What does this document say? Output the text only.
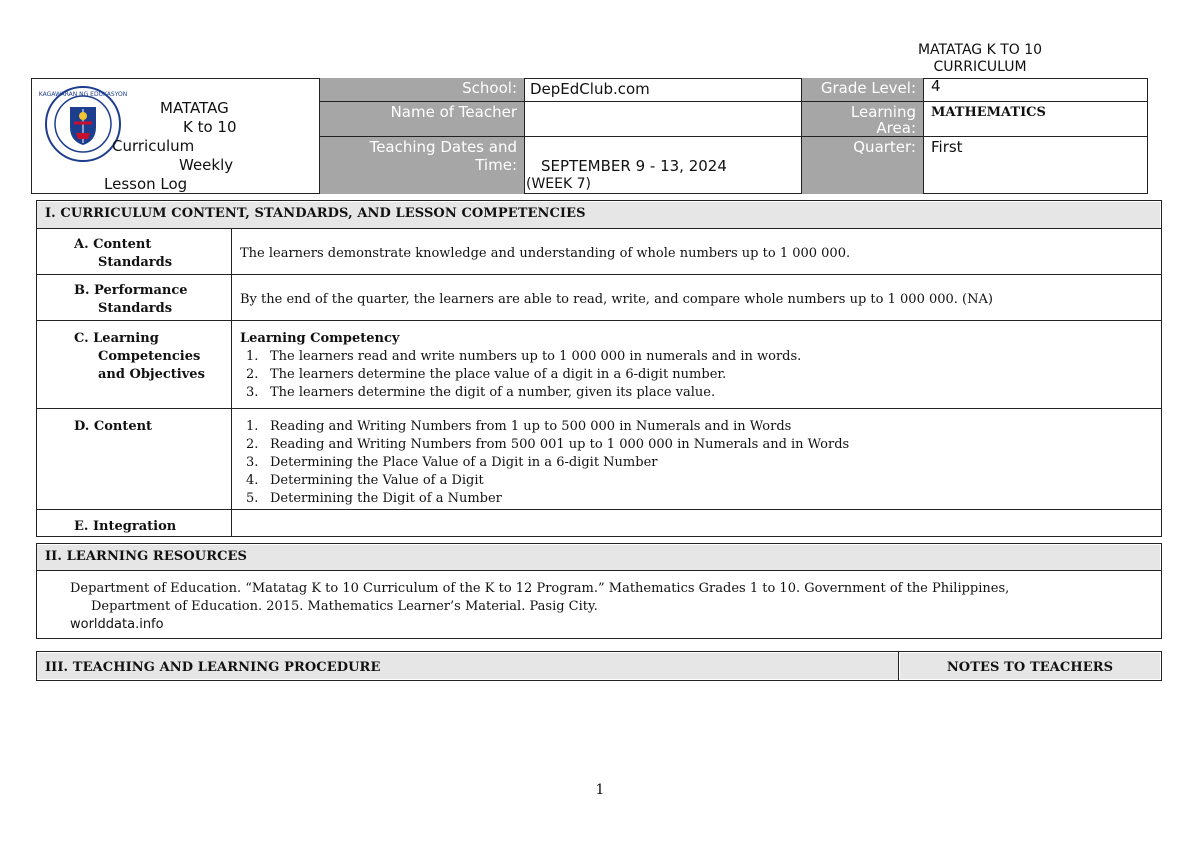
MATATAG K TO 10
CURRICULUM
KAGAWARAN NG EDUKASYON
MATATAG
K to 10
Curriculum
Weekly
Lesson Log
School: DepEdClub.com
Name of Teacher
Teaching Dates and
Time: SEPTEMBER 9 - 13, 2024
(WEEK 7)
Grade Level: 4
Learning
Area:
MATHEMATICS
Quarter: First
I. CURRICULUM CONTENT, STANDARDS, AND LESSON COMPETENCIES
A. Content
Standards
The learners demonstrate knowledge and understanding of whole numbers up to 1 000 000.
B. Performance
Standards
By the end of the quarter, the learners are able to read, write, and compare whole numbers up to 1 000 000. (NA)
C. Learning
Competencies
and Objectives
Learning Competency
1. The learners read and write numbers up to 1 000 000 in numerals and in words.
2. The learners determine the place value of a digit in a 6-digit number.
3. The learners determine the digit of a number, given its place value.
D. Content	1. Reading and Writing Numbers from 1 up to 500 000 in Numerals and in Words
2. Reading and Writing Numbers from 500 001 up to 1 000 000 in Numerals and in Words
3. Determining the Place Value of a Digit in a 6-digit Number
4. Determining the Value of a Digit
5. Determining the Digit of a Number
E. Integration
II. LEARNING RESOURCES
Department of Education. “Matatag K to 10 Curriculum of the K to 12 Program.” Mathematics Grades 1 to 10. Government of the Philippines,
Department of Education. 2015. Mathematics Learner’s Material. Pasig City.
worlddata.info
III. TEACHING AND LEARNING PROCEDURE	NOTES TO TEACHERS
1
